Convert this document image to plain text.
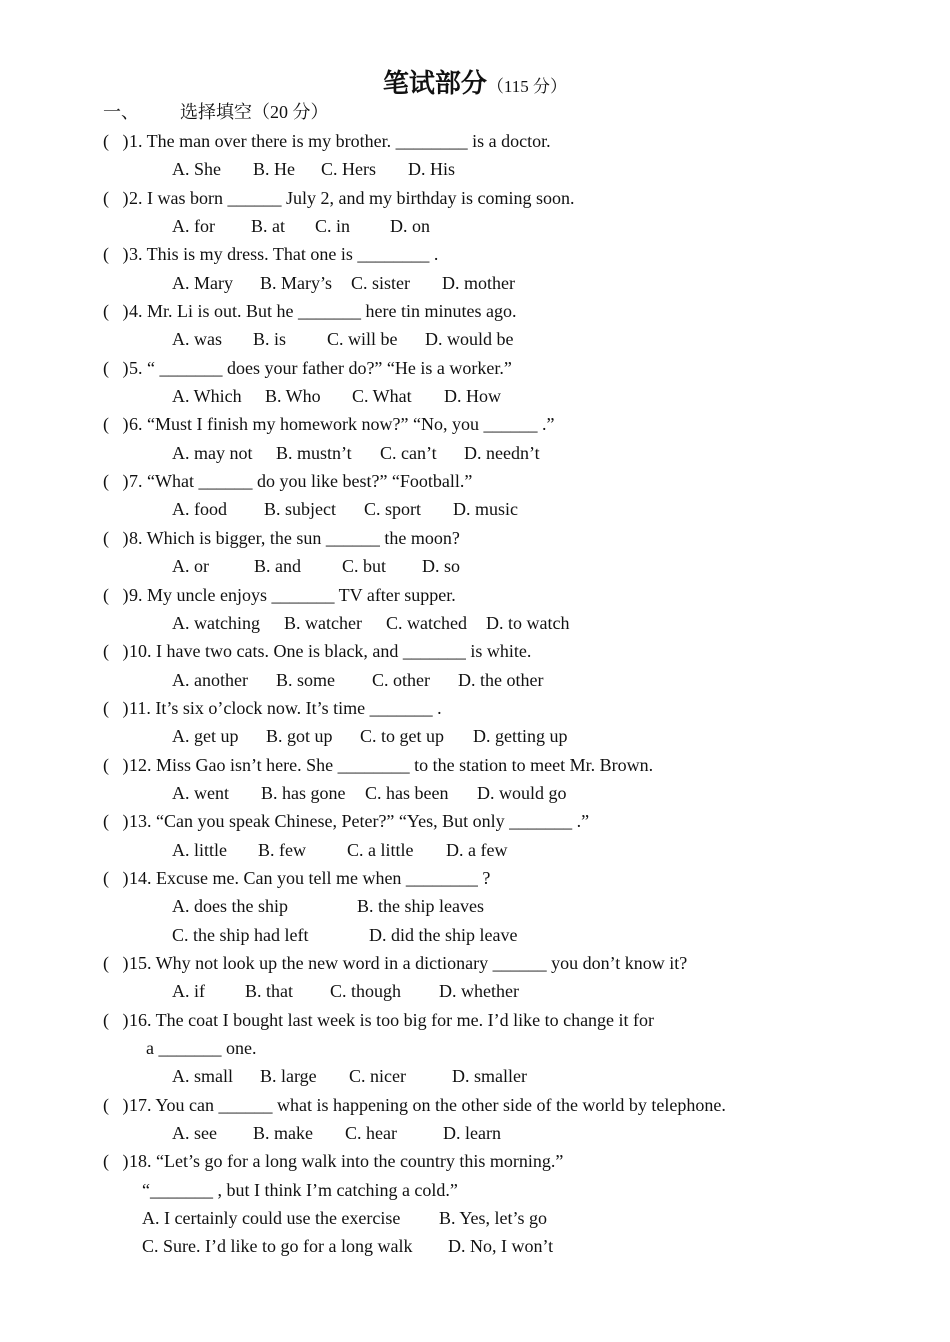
笔试部分（115 分）
一、 选择填空（20 分）
(   )1. The man over there is my brother. ________ is a doctor.
A. She B. He C. Hers D. His
(   )2. I was born ______ July 2, and my birthday is coming soon.
A. for B. at C. in D. on
(   )3. This is my dress. That one is ________ .
A. Mary B. Mary’s C. sister D. mother
(   )4. Mr. Li is out. But he _______ here tin minutes ago.
A. was B. is C. will be D. would be
(   )5. “ _______ does your father do?” “He is a worker.”
A. Which B. Who C. What D. How
(   )6. “Must I finish my homework now?” “No, you ______ .”
A. may not B. mustn’t C. can’t D. needn’t
(   )7. “What ______ do you like best?” “Football.”
A. food B. subject C. sport D. music
(   )8. Which is bigger, the sun ______ the moon?
A. or	B. and C. but D. so
(   )9. My uncle enjoys _______ TV after supper.
A. watching B. watcher C. watched D. to watch
(   )10. I have two cats. One is black, and _______ is white.
A. another B. some C. other D. the other
(   )11. It’s six o’clock now. It’s time _______ .
A. get up B. got up C. to get up D. getting up
(   )12. Miss Gao isn’t here. She ________ to the station to meet Mr. Brown.
A. went B. has gone C. has been D. would go
(   )13. “Can you speak Chinese, Peter?” “Yes, But only _______ .”
A. little B. few C. a little D. a few
(   )14. Excuse me. Can you tell me when ________ ?
A. does the ship	B. the ship leaves
C. the ship had left	D. did the ship leave
(   )15. Why not look up the new word in a dictionary ______ you don’t know it?
A. if B. that C. though D. whether
(   )16. The coat I bought last week is too big for me. I’d like to change it for
a _______ one.
A. small B. large C. nicer	D. smaller
(   )17. You can ______ what is happening on the other side of the world by telephone.
A. see B. make C. hear	D. learn
(   )18. “Let’s go for a long walk into the country this morning.”
“_______ , but I think I’m catching a cold.”
A. I certainly could use the exercise B. Yes, let’s go
C. Sure. I’d like to go for a long walk D. No, I won’t
